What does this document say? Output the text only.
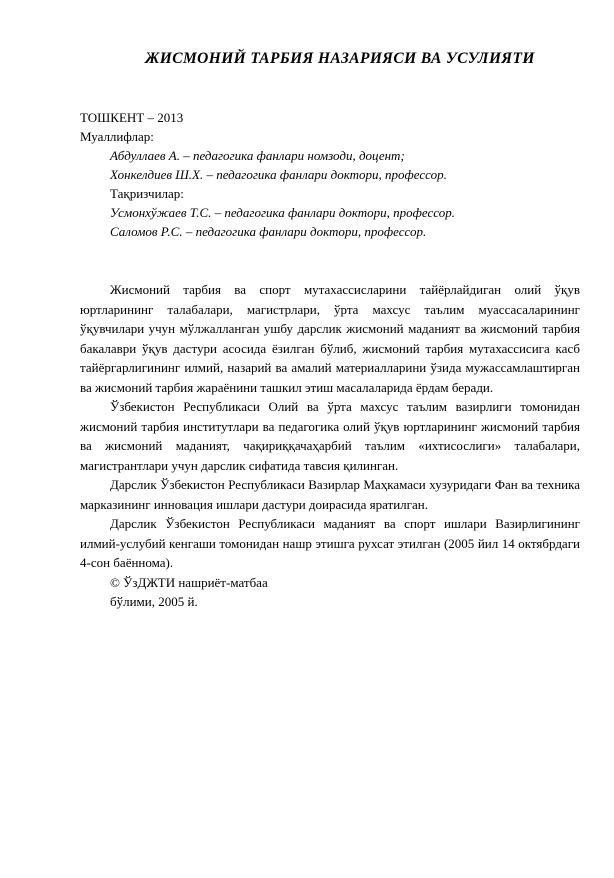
ЖИСМОНИЙ ТАРБИЯ НАЗАРИЯСИ ВА УСУЛИЯТИ
ТОШКЕНТ – 2013
Муаллифлар:
Абдуллаев А. – педагогика фанлари номзоди, доцент;
Хонкелдиев Ш.Х. – педагогика фанлари доктори, профессор.
Тақризчилар:
Усмонхўжаев Т.С. – педагогика фанлари доктори, профессор.
Саломов Р.С. – педагогика фанлари доктори, профессор.

Жисмоний тарбия ва спорт мутахассисларини тайёрлайдиган олий ўқув юртларининг талабалари, магистрлари, ўрта махсус таълим муассасаларининг ўқувчилари учун мўлжалланган ушбу дарслик жисмоний маданият ва жисмоний тарбия бакалаври ўқув дастури асосида ёзилган бўлиб, жисмоний тарбия мутахассисига касб тайёргарлигининг илмий, назарий ва амалий материалларини ўзида мужассамлаштирган ва жисмоний тарбия жараёнини ташкил этиш масалаларида ёрдам беради.

Ўзбекистон Республикаси Олий ва ўрта махсус таълим вазирлиги томонидан жисмоний тарбия институтлари ва педагогика олий ўқув юртларининг жисмоний тарбия ва жисмоний маданият, чақириққачаҳарбий таълим «ихтисослиги» талабалари, магистрантлари учун дарслик сифатида тавсия қилинган.

Дарслик Ўзбекистон Республикаси Вазирлар Маҳкамаси хузуридаги Фан ва техника марказининг инновация ишлари дастури доирасида яратилган.

Дарслик Ўзбекистон Республикаси маданият ва спорт ишлари Вазирлигининг илмий-услубий кенгаши томонидан нашр этишга рухсат этилган (2005 йил 14 октябрдаги 4-сон баённома).

© ЎзДЖТИ нашриёт-матбаа

бўлими, 2005 й.
